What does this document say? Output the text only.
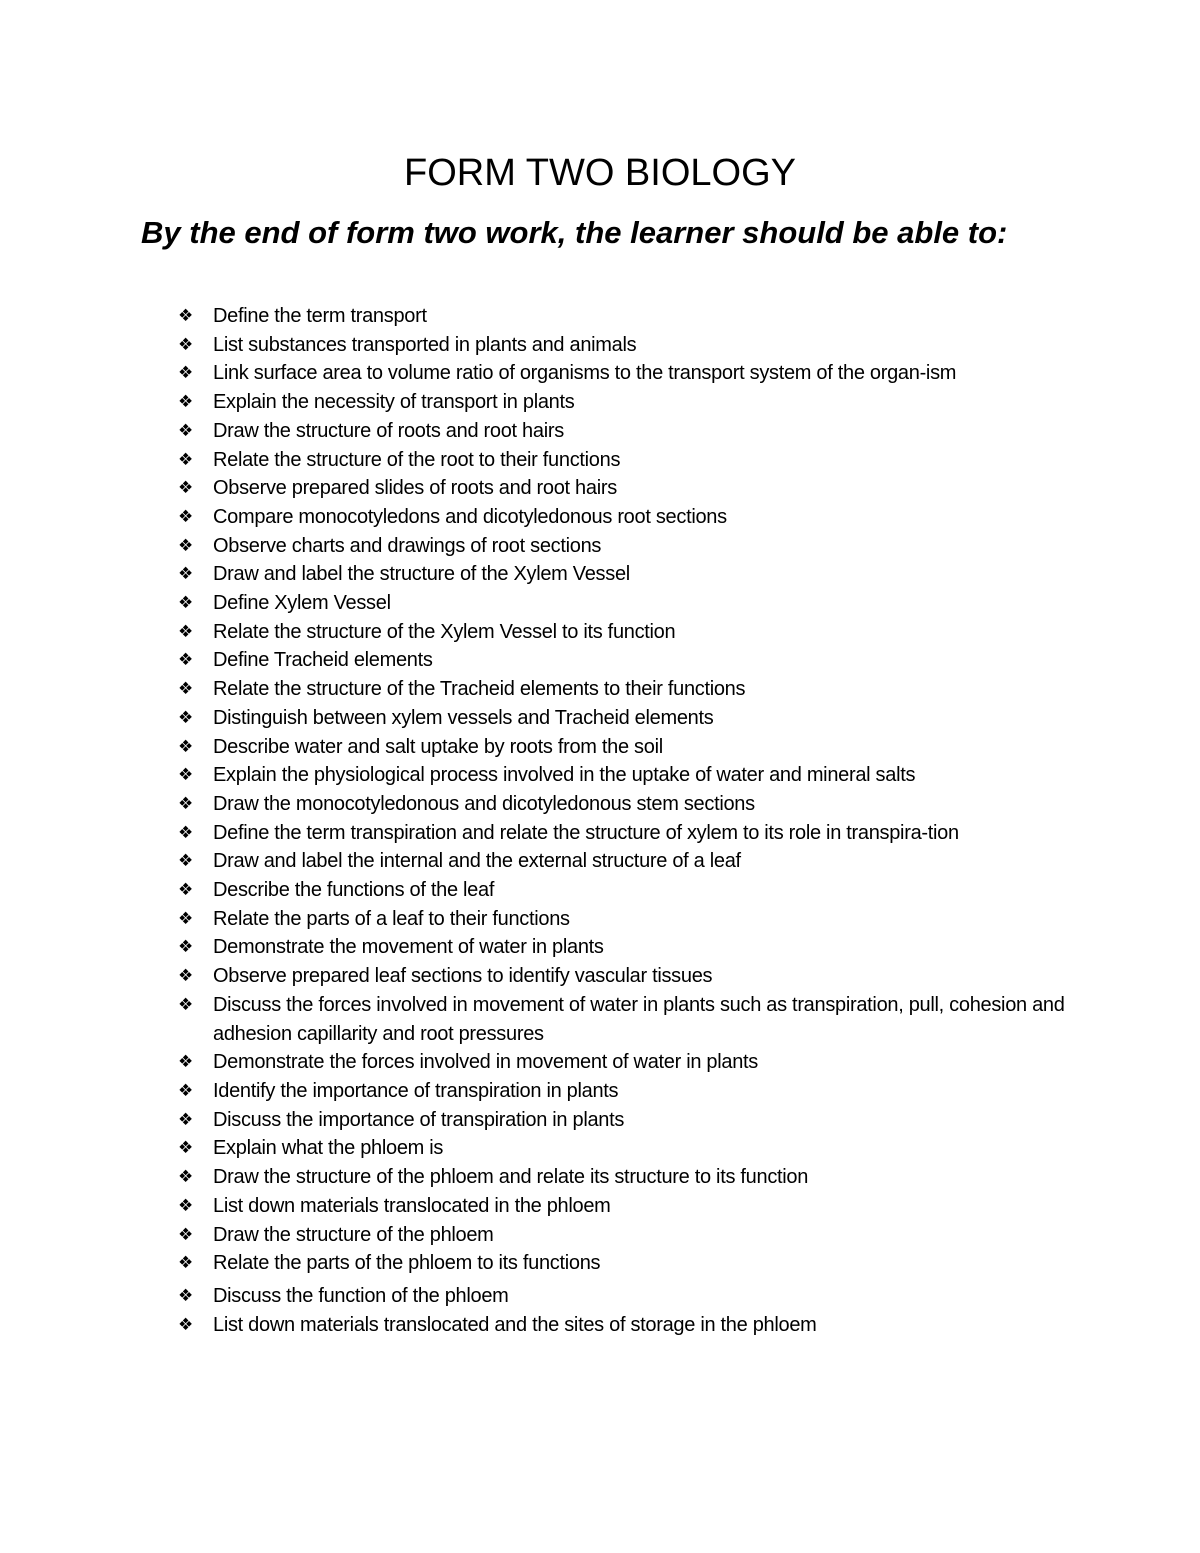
FORM TWO BIOLOGY
By the end of form two work, the learner should be able to:
❖ Define the term transport
❖ List substances transported in plants and animals
❖ Link surface area to volume ratio of organisms to the transport system of the organ-ism
❖ Explain the necessity of transport in plants
❖ Draw the structure of roots and root hairs
❖ Relate the structure of the root to their functions
❖ Observe prepared slides of roots and root hairs
❖ Compare monocotyledons and dicotyledonous root sections
❖ Observe charts and drawings of root sections
❖ Draw and label the structure of the Xylem Vessel
❖ Define Xylem Vessel
❖ Relate the structure of the Xylem Vessel to its function
❖ Define Tracheid elements
❖ Relate the structure of the Tracheid elements to their functions
❖ Distinguish between xylem vessels and Tracheid elements
❖ Describe water and salt uptake by roots from the soil
❖ Explain the physiological process involved in the uptake of water and mineral salts
❖ Draw the monocotyledonous and dicotyledonous stem sections
❖ Define the term transpiration and relate the structure of xylem to its role in transpira-tion
❖ Draw and label the internal and the external structure of a leaf
❖ Describe the functions of the leaf
❖ Relate the parts of a leaf to their functions
❖ Demonstrate the movement of water in plants
❖ Observe prepared leaf sections to identify vascular tissues
❖ Discuss the forces involved in movement of water in plants such as transpiration, pull, cohesion and adhesion capillarity and root pressures
❖ Demonstrate the forces involved in movement of water in plants
❖ Identify the importance of transpiration in plants
❖ Discuss the importance of transpiration in plants
❖ Explain what the phloem is
❖ Draw the structure of the phloem and relate its structure to its function
❖ List down materials translocated in the phloem
❖ Draw the structure of the phloem
❖ Relate the parts of the phloem to its functions
❖ Discuss the function of the phloem
❖ List down materials translocated and the sites of storage in the phloem
